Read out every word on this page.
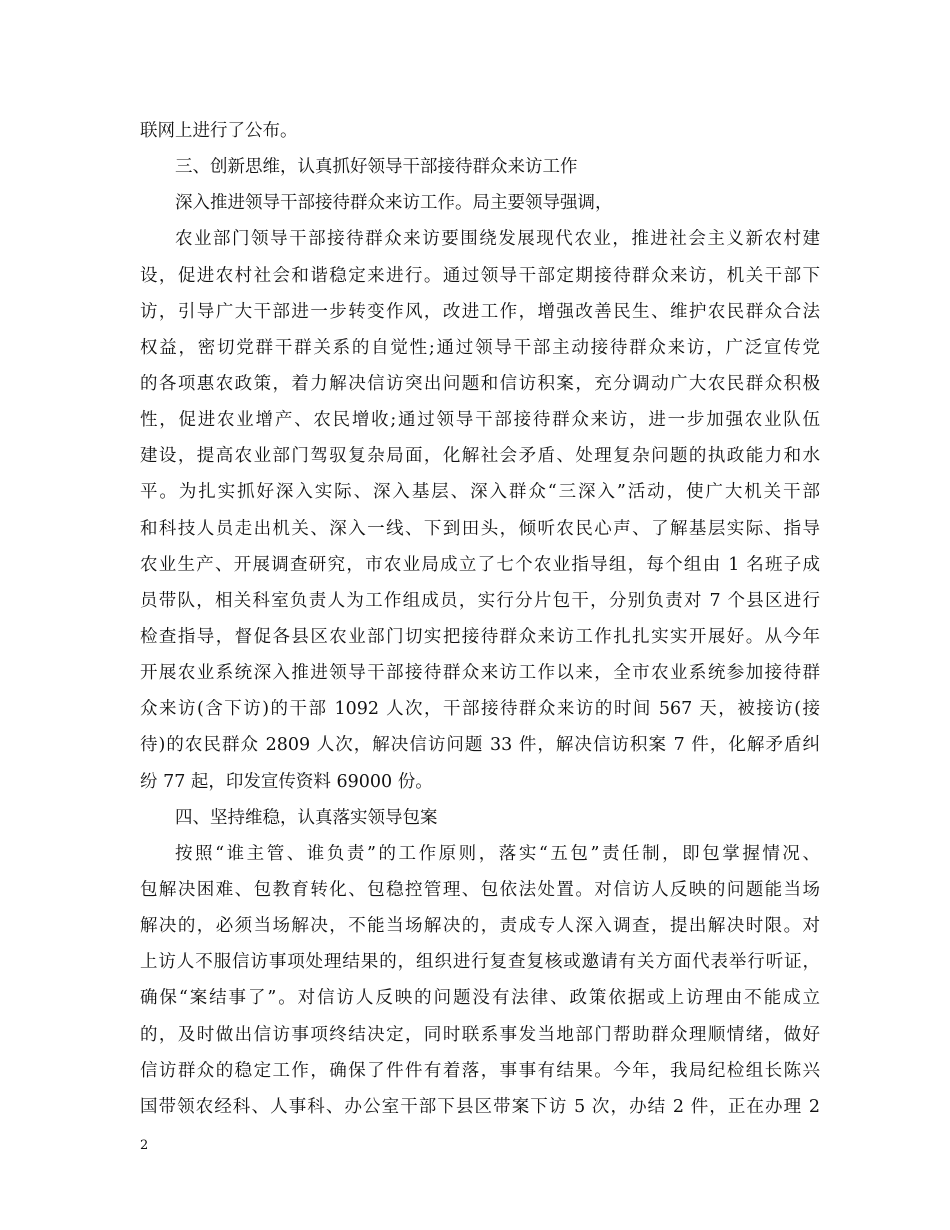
联网上进行了公布。
三、创新思维，认真抓好领导干部接待群众来访工作
深入推进领导干部接待群众来访工作。局主要领导强调，
农业部门领导干部接待群众来访要围绕发展现代农业，推进社会主义新农村建
设，促进农村社会和谐稳定来进行。通过领导干部定期接待群众来访，机关干部下
访，引导广大干部进一步转变作风，改进工作，增强改善民生、维护农民群众合法
权益，密切党群干群关系的自觉性;通过领导干部主动接待群众来访，广泛宣传党
的各项惠农政策，着力解决信访突出问题和信访积案，充分调动广大农民群众积极
性，促进农业增产、农民增收;通过领导干部接待群众来访，进一步加强农业队伍
建设，提高农业部门驾驭复杂局面，化解社会矛盾、处理复杂问题的执政能力和水
平。为扎实抓好深入实际、深入基层、深入群众“三深入”活动，使广大机关干部
和科技人员走出机关、深入一线、下到田头，倾听农民心声、了解基层实际、指导
农业生产、开展调查研究，市农业局成立了七个农业指导组，每个组由 1 名班子成
员带队，相关科室负责人为工作组成员，实行分片包干，分别负责对 7 个县区进行
检查指导，督促各县区农业部门切实把接待群众来访工作扎扎实实开展好。从今年
开展农业系统深入推进领导干部接待群众来访工作以来，全市农业系统参加接待群
众来访(含下访)的干部 1092 人次，干部接待群众来访的时间 567 天，被接访(接
待)的农民群众 2809 人次，解决信访问题 33 件，解决信访积案 7 件，化解矛盾纠
纷 77 起，印发宣传资料 69000 份。
四、坚持维稳，认真落实领导包案
按照“谁主管、谁负责”的工作原则，落实“五包”责任制，即包掌握情况、
包解决困难、包教育转化、包稳控管理、包依法处置。对信访人反映的问题能当场
解决的，必须当场解决，不能当场解决的，责成专人深入调查，提出解决时限。对
上访人不服信访事项处理结果的，组织进行复查复核或邀请有关方面代表举行听证，
确保“案结事了”。对信访人反映的问题没有法律、政策依据或上访理由不能成立
的，及时做出信访事项终结决定，同时联系事发当地部门帮助群众理顺情绪，做好
信访群众的稳定工作，确保了件件有着落，事事有结果。今年，我局纪检组长陈兴
国带领农经科、人事科、办公室干部下县区带案下访 5 次，办结 2 件，正在办理 2
2
